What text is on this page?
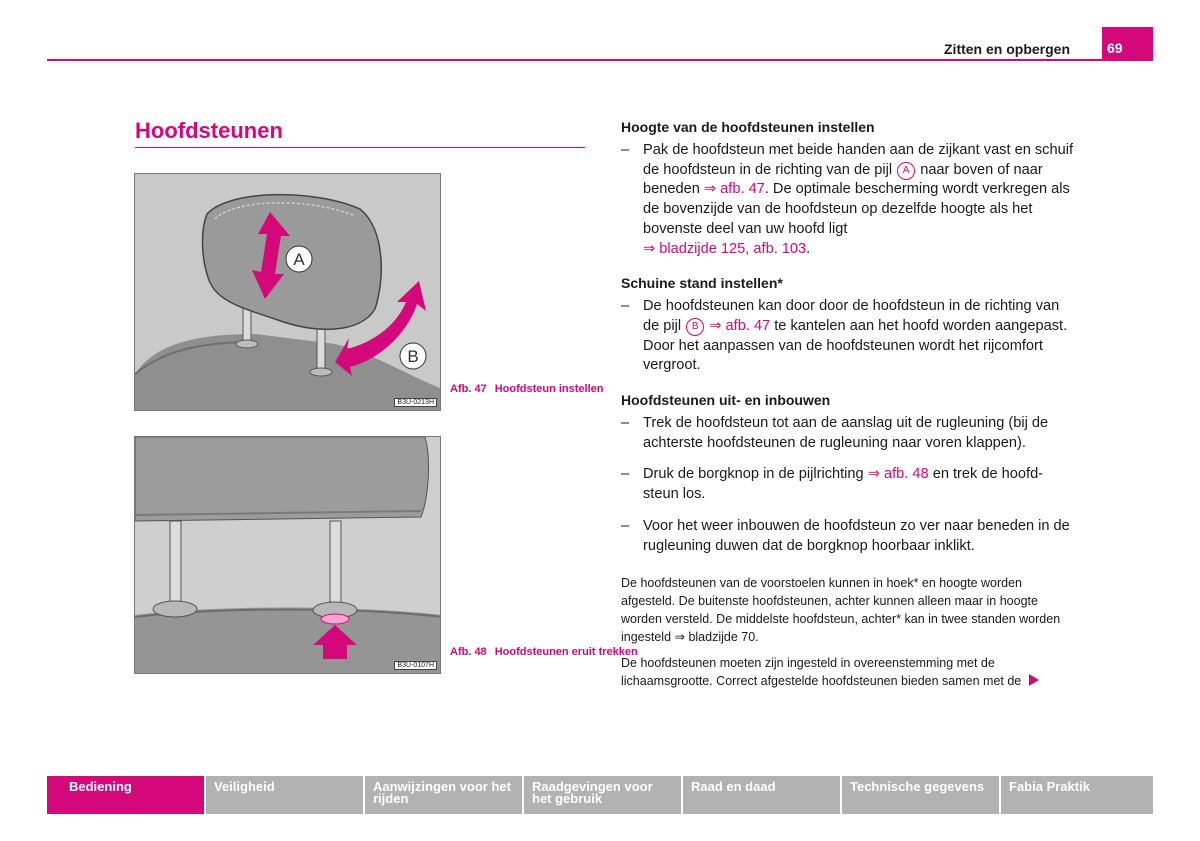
Zitten en opbergen	69
Hoofdsteunen
A
B
B3U-0213H
Afb. 47 Hoofdsteun instellen
B3U-0107H
Afb. 48 Hoofdsteunen eruit trekken
Hoogte van de hoofdsteunen instellen
– Pak de hoofdsteun met beide handen aan de zijkant vast en schuif de hoofdsteun in de richting van de pijl A naar boven of naar beneden ⇒ afb. 47. De optimale bescherming wordt verkregen als de bovenzijde van de hoofdsteun op dezelfde hoogte als het bovenste deel van uw hoofd ligt
⇒ bladzijde 125, afb. 103.
Schuine stand instellen*
– De hoofdsteunen kan door door de hoofdsteun in de richting van de pijl B ⇒ afb. 47 te kantelen aan het hoofd worden aangepast. Door het aanpassen van de hoofdsteunen wordt het rijcomfort vergroot.
Hoofdsteunen uit- en inbouwen
– Trek de hoofdsteun tot aan de aanslag uit de rugleuning (bij de achterste hoofdsteunen de rugleuning naar voren klappen).
– Druk de borgknop in de pijlrichting ⇒ afb. 48 en trek de hoofd-steun los.
– Voor het weer inbouwen de hoofdsteun zo ver naar beneden in de rugleuning duwen dat de borgknop hoorbaar inklikt.
De hoofdsteunen van de voorstoelen kunnen in hoek* en hoogte worden afgesteld. De buitenste hoofdsteunen, achter kunnen alleen maar in hoogte worden versteld. De middelste hoofdsteun, achter* kan in twee standen worden ingesteld ⇒ bladzijde 70.
De hoofdsteunen moeten zijn ingesteld in overeenstemming met de lichaamsgrootte. Correct afgestelde hoofdsteunen bieden samen met de
Bediening	Veiligheid	Aanwijzingen voor het rijden
Raadgevingen voor het gebruik
Raad en daad	Technische gegevens	Fabia Praktik
